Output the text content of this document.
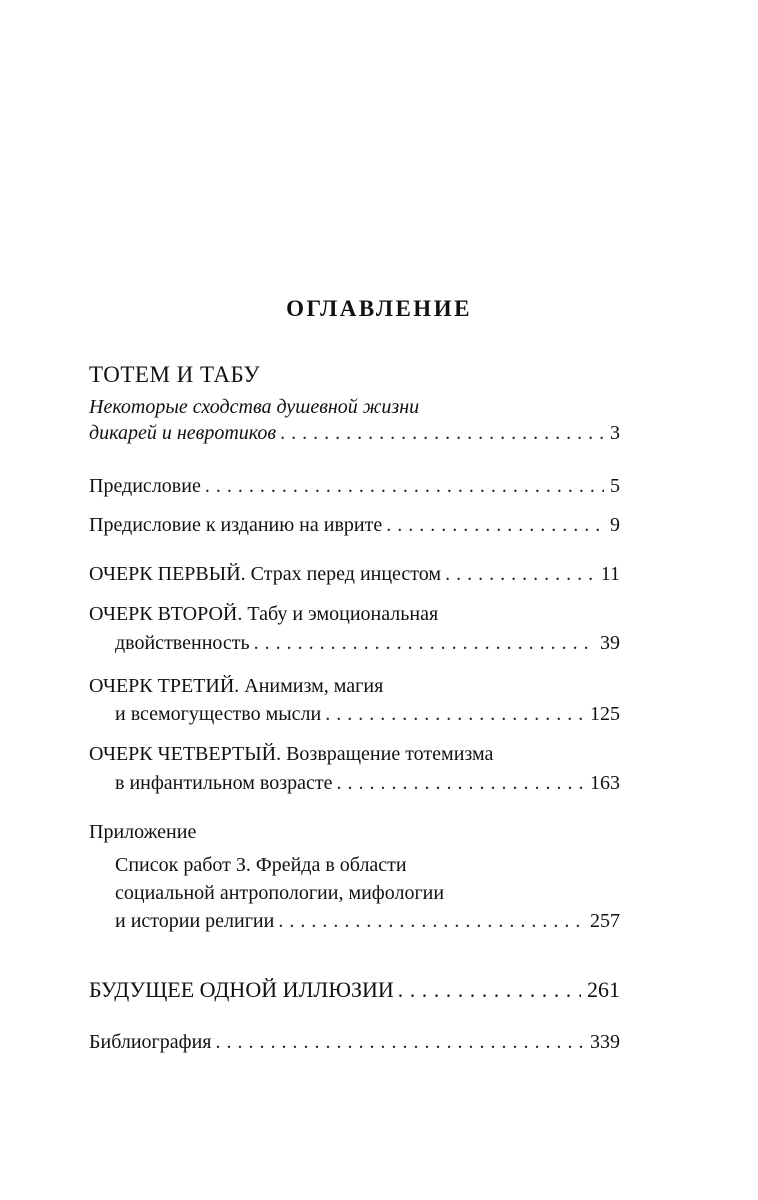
ОГЛАВЛЕНИЕ
ТОТЕМ И ТАБУ
Некоторые сходства душевной жизни
дикарей и невротиков . . .	3
Предисловие . . .	5
Предисловие к изданию на иврите . . .	9
ОЧЕРК ПЕРВЫЙ. Страх перед инцестом . . .	11
ОЧЕРК ВТОРОЙ. Табу и эмоциональная
двойственность . . .	39
ОЧЕРК ТРЕТИЙ. Анимизм, магия
и всемогущество мысли . . .	125
ОЧЕРК ЧЕТВЕРТЫЙ. Возвращение тотемизма
в инфантильном возрасте . . .	163
Приложение
Список работ З. Фрейда в области
социальной антропологии, мифологии
и истории религии . . .	257
БУДУЩЕЕ ОДНОЙ ИЛЛЮЗИИ . . .	261
Библиография . . .	339
